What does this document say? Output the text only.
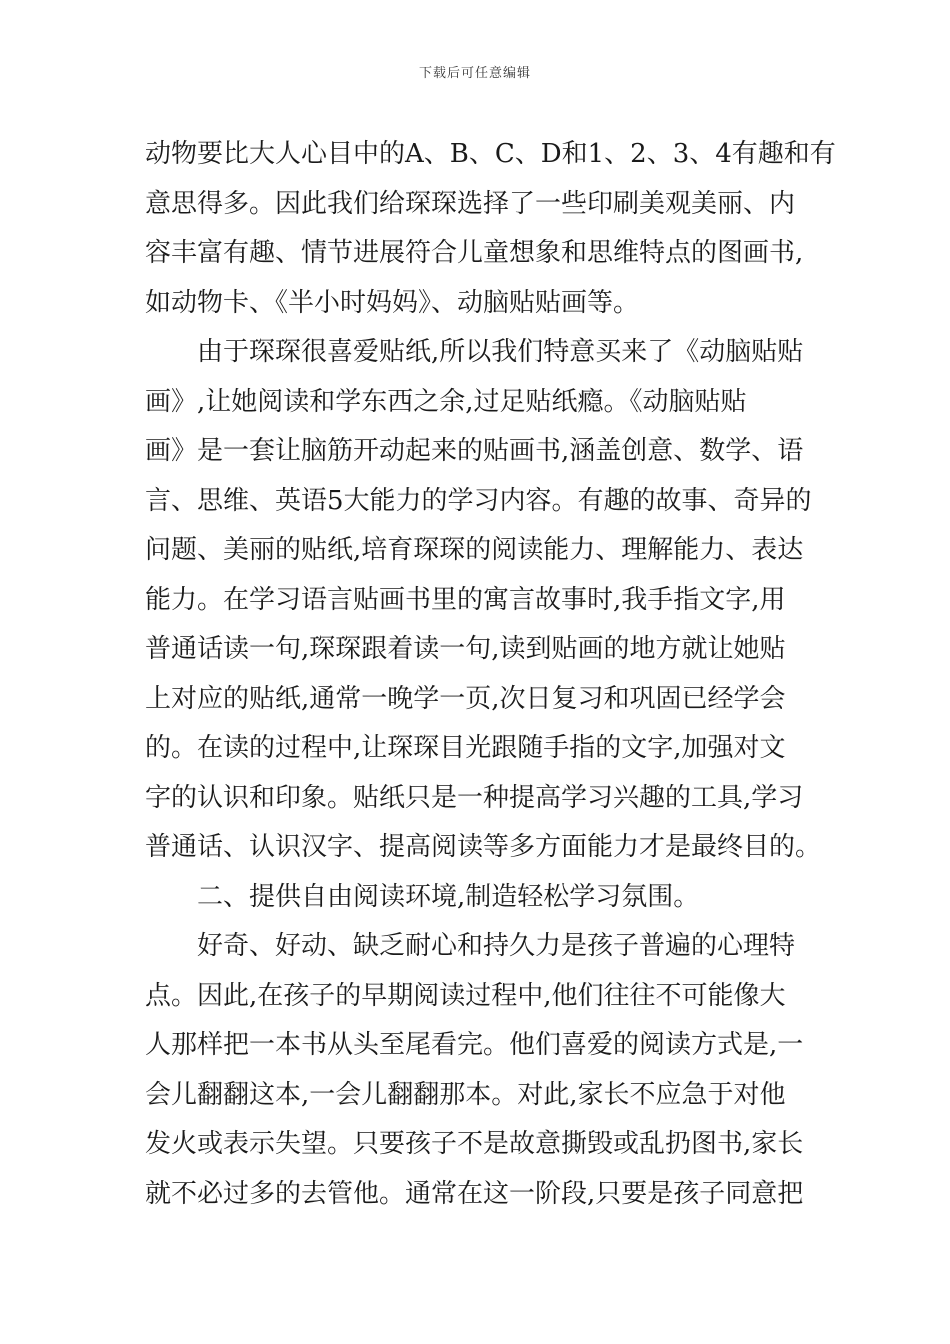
下载后可任意编辑
动物要比大人心目中的A、B、C、D和1、2、3、4有趣和有
意思得多。因此我们给琛琛选择了一些印刷美观美丽、内
容丰富有趣、情节进展符合儿童想象和思维特点的图画书,
如动物卡、《半小时妈妈》、动脑贴贴画等。
由于琛琛很喜爱贴纸,所以我们特意买来了《动脑贴贴
画》,让她阅读和学东西之余,过足贴纸瘾。《动脑贴贴
画》是一套让脑筋开动起来的贴画书,涵盖创意、数学、语
言、思维、英语5大能力的学习内容。有趣的故事、奇异的
问题、美丽的贴纸,培育琛琛的阅读能力、理解能力、表达
能力。在学习语言贴画书里的寓言故事时,我手指文字,用
普通话读一句,琛琛跟着读一句,读到贴画的地方就让她贴
上对应的贴纸,通常一晚学一页,次日复习和巩固已经学会
的。在读的过程中,让琛琛目光跟随手指的文字,加强对文
字的认识和印象。贴纸只是一种提高学习兴趣的工具,学习
普通话、认识汉字、提高阅读等多方面能力才是最终目的。
二、提供自由阅读环境,制造轻松学习氛围。
好奇、好动、缺乏耐心和持久力是孩子普遍的心理特
点。因此,在孩子的早期阅读过程中,他们往往不可能像大
人那样把一本书从头至尾看完。他们喜爱的阅读方式是,一
会儿翻翻这本,一会儿翻翻那本。对此,家长不应急于对他
发火或表示失望。只要孩子不是故意撕毁或乱扔图书,家长
就不必过多的去管他。通常在这一阶段,只要是孩子同意把
